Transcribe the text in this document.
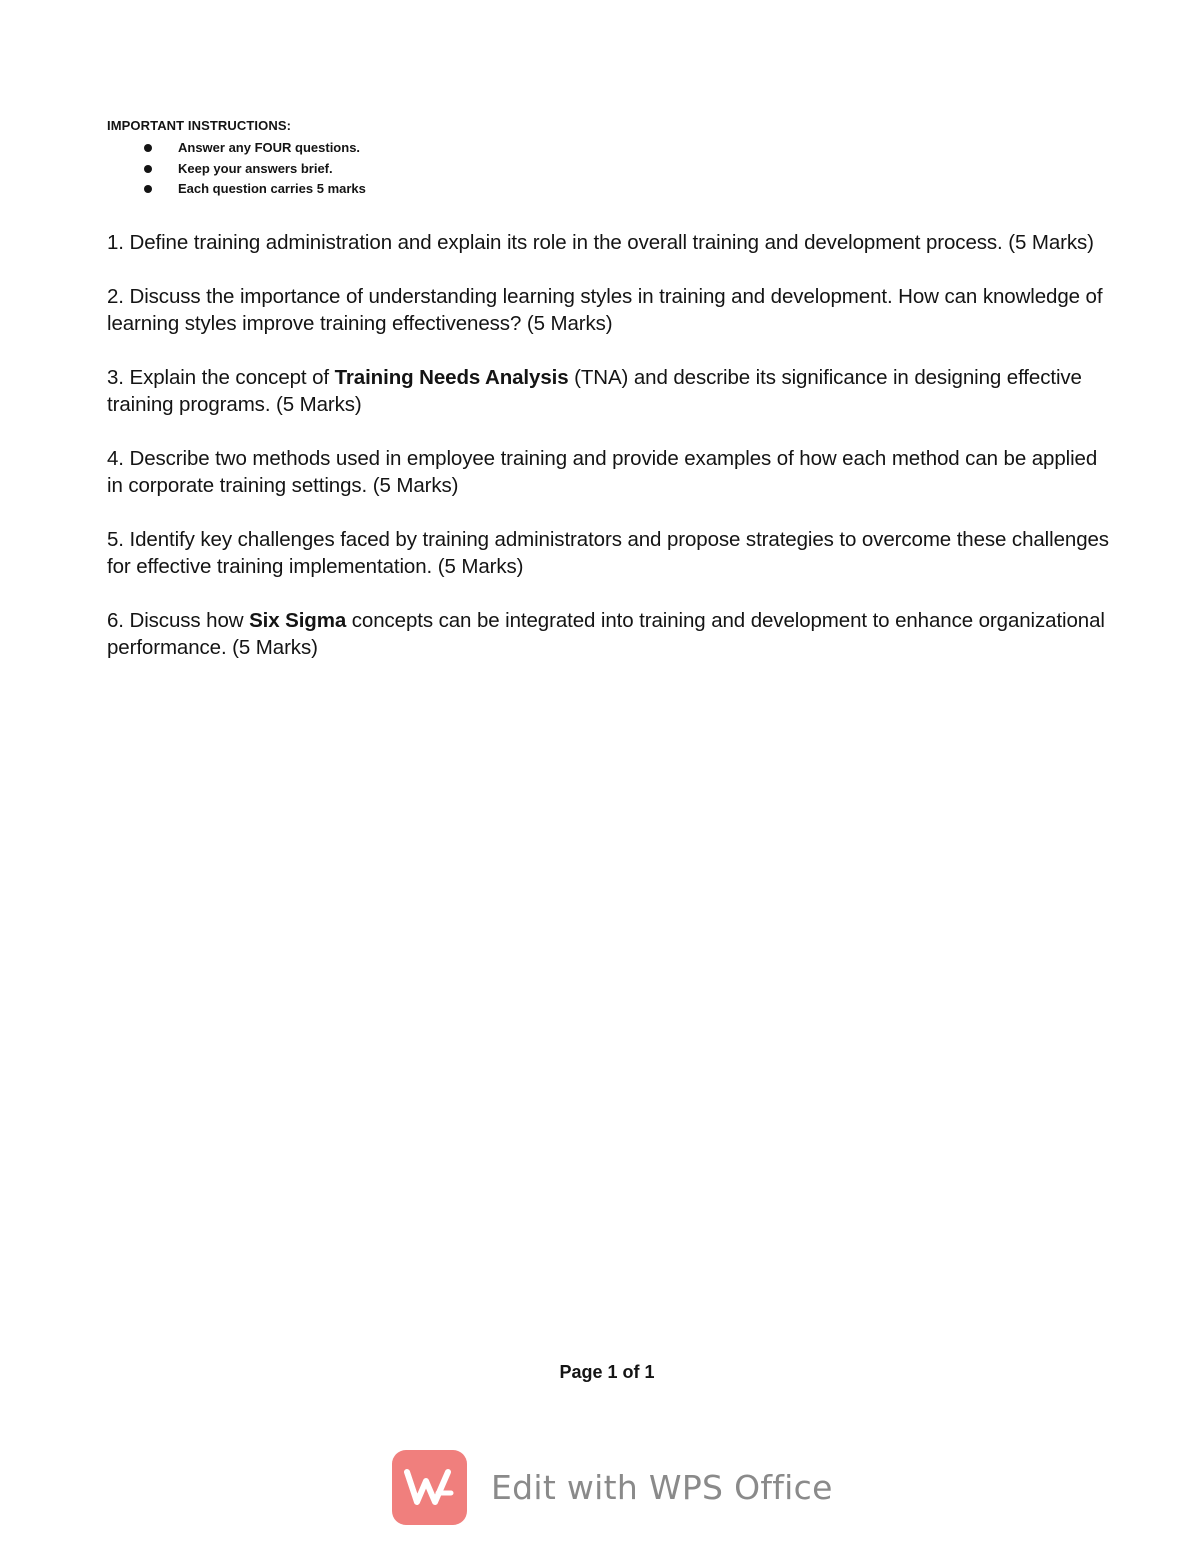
IMPORTANT INSTRUCTIONS:
Answer any FOUR questions.
Keep your answers brief.
Each question carries 5 marks

1. Define training administration and explain its role in the overall training and development process. (5 Marks)

2. Discuss the importance of understanding learning styles in training and development. How can knowledge of learning styles improve training effectiveness? (5 Marks)

3. Explain the concept of Training Needs Analysis (TNA) and describe its significance in designing effective training programs. (5 Marks)

4. Describe two methods used in employee training and provide examples of how each method can be applied in corporate training settings. (5 Marks)

5. Identify key challenges faced by training administrators and propose strategies to overcome these challenges for effective training implementation. (5 Marks)

6. Discuss how Six Sigma concepts can be integrated into training and development to enhance organizational performance. (5 Marks)

Page 1 of 1
Edit with WPS Office
